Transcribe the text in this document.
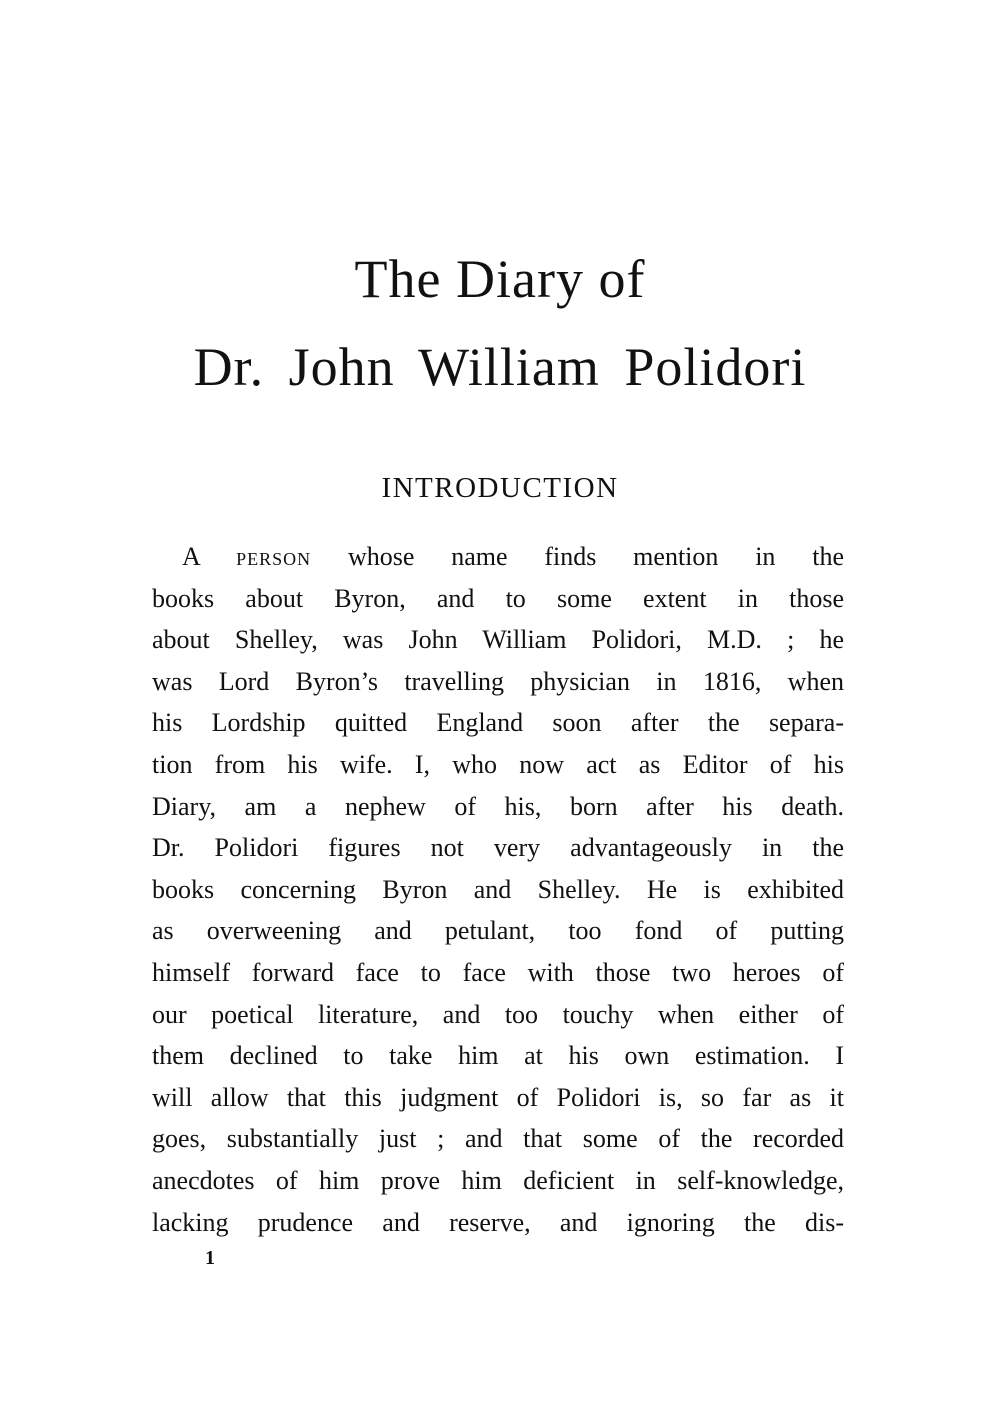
The Diary of
Dr. John William Polidori
INTRODUCTION
A person whose name finds mention in the
books about Byron, and to some extent in those
about Shelley, was John William Polidori, M.D. ; he
was Lord Byron’s travelling physician in 1816, when
his Lordship quitted England soon after the separa-
tion from his wife. I, who now act as Editor of his
Diary, am a nephew of his, born after his death.
Dr. Polidori figures not very advantageously in the
books concerning Byron and Shelley. He is exhibited
as overweening and petulant, too fond of putting
himself forward face to face with those two heroes of
our poetical literature, and too touchy when either of
them declined to take him at his own estimation. I
will allow that this judgment of Polidori is, so far as it
goes, substantially just ; and that some of the recorded
anecdotes of him prove him deficient in self-knowledge,
lacking prudence and reserve, and ignoring the dis-
1
